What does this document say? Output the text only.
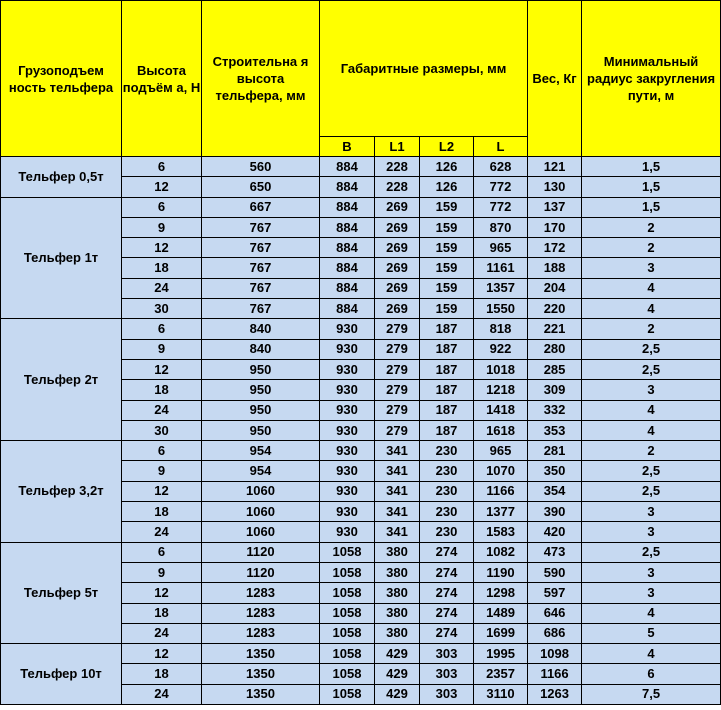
Грузоподъем ность тельфера	Высота подъём а, Н	Строительна я высота тельфера, мм	Габаритные размеры, мм				Вес, Кг	Минимальный радиус закругления пути, м
			B	L1	L2	L		
Тельфер 0,5т	6	560	884	228	126	628	121	1,5
	12	650	884	228	126	772	130	1,5
Тельфер 1т	6	667	884	269	159	772	137	1,5
	9	767	884	269	159	870	170	2
	12	767	884	269	159	965	172	2
	18	767	884	269	159	1161	188	3
	24	767	884	269	159	1357	204	4
	30	767	884	269	159	1550	220	4
Тельфер 2т	6	840	930	279	187	818	221	2
	9	840	930	279	187	922	280	2,5
	12	950	930	279	187	1018	285	2,5
	18	950	930	279	187	1218	309	3
	24	950	930	279	187	1418	332	4
	30	950	930	279	187	1618	353	4
Тельфер 3,2т	6	954	930	341	230	965	281	2
	9	954	930	341	230	1070	350	2,5
	12	1060	930	341	230	1166	354	2,5
	18	1060	930	341	230	1377	390	3
	24	1060	930	341	230	1583	420	3
Тельфер 5т	6	1120	1058	380	274	1082	473	2,5
	9	1120	1058	380	274	1190	590	3
	12	1283	1058	380	274	1298	597	3
	18	1283	1058	380	274	1489	646	4
	24	1283	1058	380	274	1699	686	5
Тельфер 10т	12	1350	1058	429	303	1995	1098	4
	18	1350	1058	429	303	2357	1166	6
	24	1350	1058	429	303	3110	1263	7,5
